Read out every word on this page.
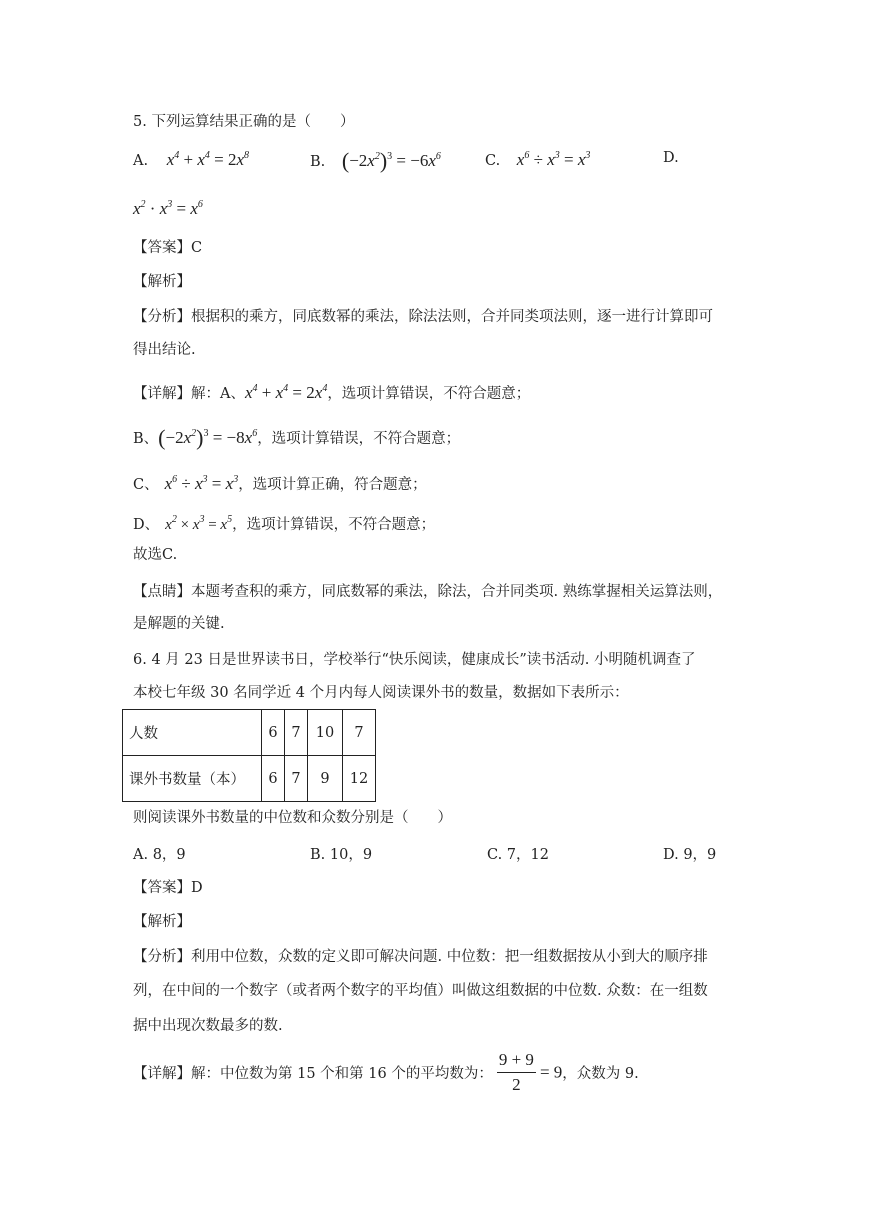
5. 下列运算结果正确的是（　　）
A. $x^4 + x^4 = 2x^8$	B. $(-2x^2)^3 = -6x^6$	C. $x^6 \div x^3 = x^3$	D.
$x^2 \cdot x^3 = x^6$
【答案】C
【解析】
【分析】根据积的乘方，同底数幂的乘法，除法法则，合并同类项法则，逐一进行计算即可
得出结论.
【详解】解：A、$x^4 + x^4 = 2x^4$，选项计算错误，不符合题意；
B、$(-2x^2)^3 = -8x^6$，选项计算错误，不符合题意；
C、 $x^6 \div x^3 = x^3$，选项计算正确，符合题意；
D、 $x^2 \times x^3 = x^5$，选项计算错误，不符合题意；
故选C.
【点睛】本题考查积的乘方，同底数幂的乘法，除法，合并同类项. 熟练掌握相关运算法则，
是解题的关键.
6. 4 月 23 日是世界读书日，学校举行“快乐阅读，健康成长”读书活动. 小明随机调查了
本校七年级 30 名同学近 4 个月内每人阅读课外书的数量，数据如下表所示：
人数	6	7	10	7
课外书数量（本）	6	7	9	12
则阅读课外书数量的中位数和众数分别是（　　）
A. 8，9	B. 10，9	C. 7，12	D. 9，9
【答案】D
【解析】
【分析】利用中位数，众数的定义即可解决问题. 中位数：把一组数据按从小到大的顺序排
列，在中间的一个数字（或者两个数字的平均值）叫做这组数据的中位数. 众数：在一组数
据中出现次数最多的数.
【详解】解：中位数为第 15 个和第 16 个的平均数为： $\frac{9 + 9}{2} = 9$，众数为 9.
